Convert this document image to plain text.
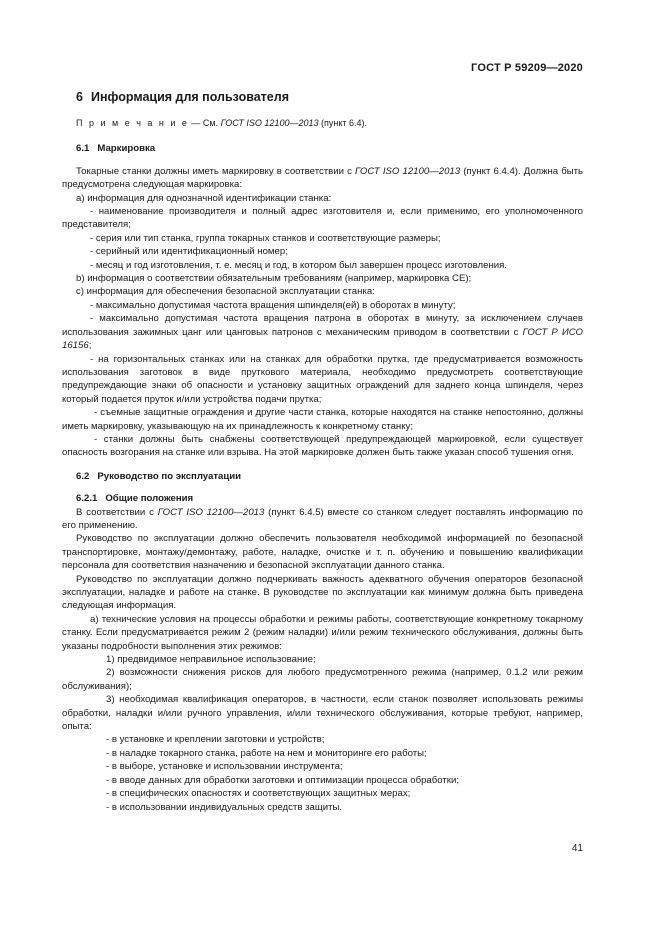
ГОСТ Р 59209—2020
6 Информация для пользователя
П р и м е ч а н и е — См. ГОСТ ISO 12100—2013 (пункт 6.4).
6.1 Маркировка
Токарные станки должны иметь маркировку в соответствии с ГОСТ ISO 12100—2013 (пункт 6.4.4). Должна быть предусмотрена следующая маркировка:
a) информация для однозначной идентификации станка:
- наименование производителя и полный адрес изготовителя и, если применимо, его уполномоченного представителя;
- серия или тип станка, группа токарных станков и соответствующие размеры;
- серийный или идентификационный номер;
- месяц и год изготовления, т. е. месяц и год, в котором был завершен процесс изготовления.
b) информация о соответствии обязательным требованиям (например, маркировка CE);
c) информация для обеспечения безопасной эксплуатации станка:
- максимально допустимая частота вращения шпинделя(ей) в оборотах в минуту;
- максимально допустимая частота вращения патрона в оборотах в минуту, за исключением случаев использования зажимных цанг или цанговых патронов с механическим приводом в соответствии с ГОСТ Р ИСО 16156;
- на горизонтальных станках или на станках для обработки прутка, где предусматривается возможность использования заготовок в виде пруткового материала, необходимо предусмотреть соответствующие предупреждающие знаки об опасности и установку защитных ограждений для заднего конца шпинделя, через который подается пруток и/или устройства подачи прутка;
- съемные защитные ограждения и другие части станка, которые находятся на станке непостоянно, должны иметь маркировку, указывающую на их принадлежность к конкретному станку;
- станки должны быть снабжены соответствующей предупреждающей маркировкой, если существует опасность возгорания на станке или взрыва. На этой маркировке должен быть также указан способ тушения огня.
6.2 Руководство по эксплуатации
6.2.1 Общие положения
В соответствии с ГОСТ ISO 12100—2013 (пункт 6.4.5) вместе со станком следует поставлять информацию по его применению.
Руководство по эксплуатации должно обеспечить пользователя необходимой информацией по безопасной транспортировке, монтажу/демонтажу, работе, наладке, очистке и т. п. обучению и повышению квалификации персонала для соответствия назначению и безопасной эксплуатации данного станка.
Руководство по эксплуатации должно подчеркивать важность адекватного обучения операторов безопасной эксплуатации, наладке и работе на станке. В руководстве по эксплуатации как минимум должна быть приведена следующая информация.
a) технические условия на процессы обработки и режимы работы, соответствующие конкретному токарному станку. Если предусматривается режим 2 (режим наладки) и/или режим технического обслуживания, должны быть указаны подробности выполнения этих режимов:
1) предвидимое неправильное использование;
2) возможности снижения рисков для любого предусмотренного режима (например, 0.1.2 или режим обслуживания);
3) необходимая квалификация операторов, в частности, если станок позволяет использовать режимы обработки, наладки и/или ручного управления, и/или технического обслуживания, которые требуют, например, опыта:
- в установке и креплении заготовки и устройств;
- в наладке токарного станка, работе на нем и мониторинге его работы;
- в выборе, установке и использовании инструмента;
- в вводе данных для обработки заготовки и оптимизации процесса обработки;
- в специфических опасностях и соответствующих защитных мерах;
- в использовании индивидуальных средств защиты.
41
